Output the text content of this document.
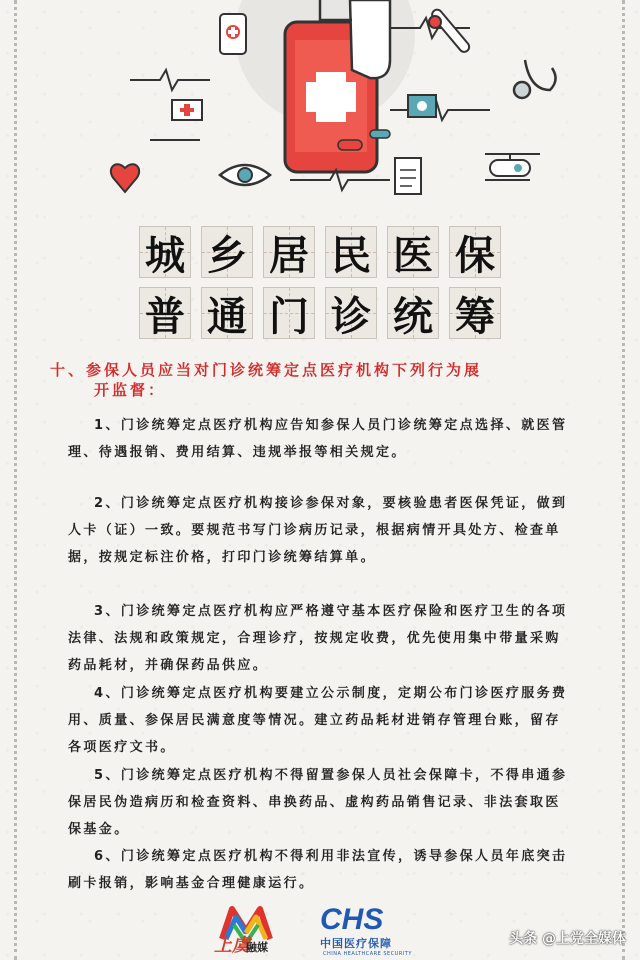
城 乡 居 民 医 保
普 通 门 诊 统 筹
十、参保人员应当对门诊统筹定点医疗机构下列行为展
开监督：
1、门诊统筹定点医疗机构应告知参保人员门诊统筹定点选择、就医管理、待遇报销、费用结算、违规举报等相关规定。
2、门诊统筹定点医疗机构接诊参保对象，要核验患者医保凭证，做到人卡（证）一致。要规范书写门诊病历记录，根据病情开具处方、检查单据，按规定标注价格，打印门诊统筹结算单。
3、门诊统筹定点医疗机构应严格遵守基本医疗保险和医疗卫生的各项法律、法规和政策规定，合理诊疗，按规定收费，优先使用集中带量采购药品耗材，并确保药品供应。
4、门诊统筹定点医疗机构要建立公示制度，定期公布门诊医疗服务费用、质量、参保居民满意度等情况。建立药品耗材进销存管理台账，留存各项医疗文书。
5、门诊统筹定点医疗机构不得留置参保人员社会保障卡，不得串通参保居民伪造病历和检查资料、串换药品、虚构药品销售记录、非法套取医保基金。
6、门诊统筹定点医疗机构不得利用非法宣传，诱导参保人员年底突击刷卡报销，影响基金合理健康运行。
上虞
融媒
CHS
中国医疗保障
CHINA HEALTHCARE SECURITY
头条 @上党全媒体
